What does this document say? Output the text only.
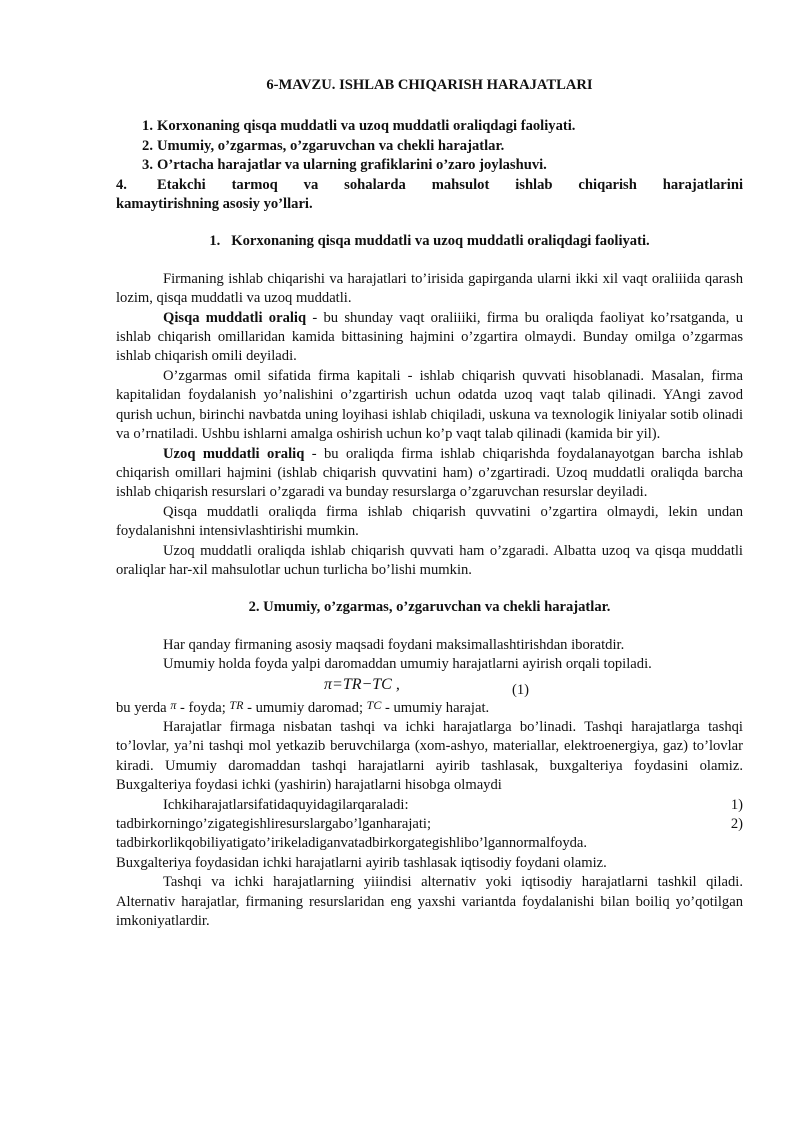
6-MAVZU. ISHLAB CHIQARISH HARAJATLARI
1. Korxonaning qisqa muddatli va uzoq muddatli oraliqdagi faoliyati.
2. Umumiy, o’zgarmas, o’zgaruvchan va chekli harajatlar.
3. O’rtacha harajatlar va ularning grafiklarini o’zaro joylashuvi.
4. Etakchi tarmoq va sohalarda mahsulot ishlab chiqarish harajatlarini
kamaytirishning asosiy yo’llari.
1. Korxonaning qisqa muddatli va uzoq muddatli oraliqdagi faoliyati.

Firmaning ishlab chiqarishi va harajatlari to’irisida gapirganda ularni ikki xil vaqt oraliiida qarash lozim, qisqa muddatli va uzoq muddatli.

Qisqa muddatli oraliq - bu shunday vaqt oraliiiki, firma bu oraliqda faoliyat ko’rsatganda, u ishlab chiqarish omillaridan kamida bittasining hajmini o’zgartira olmaydi. Bunday omilga o’zgarmas ishlab chiqarish omili deyiladi.

O’zgarmas omil sifatida firma kapitali - ishlab chiqarish quvvati hisoblanadi. Masalan, firma kapitalidan foydalanish yo’nalishini o’zgartirish uchun odatda uzoq vaqt talab qilinadi. YAngi zavod qurish uchun, birinchi navbatda uning loyihasi ishlab chiqiladi, uskuna va texnologik liniyalar sotib olinadi va o’rnatiladi. Ushbu ishlarni amalga oshirish uchun ko’p vaqt talab qilinadi (kamida bir yil).

Uzoq muddatli oraliq - bu oraliqda firma ishlab chiqarishda foydalanayotgan barcha ishlab chiqarish omillari hajmini (ishlab chiqarish quvvatini ham) o’zgartiradi. Uzoq muddatli oraliqda barcha ishlab chiqarish resurslari o’zgaradi va bunday resurslarga o’zgaruvchan resurslar deyiladi.

Qisqa muddatli oraliqda firma ishlab chiqarish quvvatini o’zgartira olmaydi, lekin undan foydalanishni intensivlashtirishi mumkin.

Uzoq muddatli oraliqda ishlab chiqarish quvvati ham o’zgaradi. Albatta uzoq va qisqa muddatli oraliqlar har-xil mahsulotlar uchun turlicha bo’lishi mumkin.

2. Umumiy, o’zgarmas, o’zgaruvchan va chekli harajatlar.

Har qanday firmaning asosiy maqsadi foydani maksimallashtirishdan iboratdir.

Umumiy holda foyda yalpi daromaddan umumiy harajatlarni ayirish orqali topiladi.

π=TR−TC ,	(1)

bu yerda $^\pi$ - foyda; $^{TR}$ - umumiy daromad; $^{TC}$ - umumiy harajat.

Harajatlar firmaga nisbatan tashqi va ichki harajatlarga bo’linadi. Tashqi harajatlarga tashqi to’lovlar, ya’ni tashqi mol yetkazib beruvchilarga (xom-ashyo, materiallar, elektroenergiya, gaz) to’lovlar kiradi. Umumiy daromaddan tashqi harajatlarni ayirib tashlasak, buxgalteriya foydasini olamiz. Buxgalteriya foydasi ichki (yashirin) harajatlarni hisobga olmaydi

Ichkiharajatlarsifatidaquyidagilarqaraladi:	1)
tadbirkorningo’zigategishliresurslargabo’lganharajati;	2)
tadbirkorlikqobiliyatigato’irikeladiganvatadbirkorgategishlibo’lgannormalfoyda.
Buxgalteriya foydasidan ichki harajatlarni ayirib tashlasak iqtisodiy foydani olamiz.

Tashqi va ichki harajatlarning yiiindisi alternativ yoki iqtisodiy harajatlarni tashkil qiladi. Alternativ harajatlar, firmaning resurslaridan eng yaxshi variantda foydalanishi bilan boiliq yo’qotilgan imkoniyatlardir.
